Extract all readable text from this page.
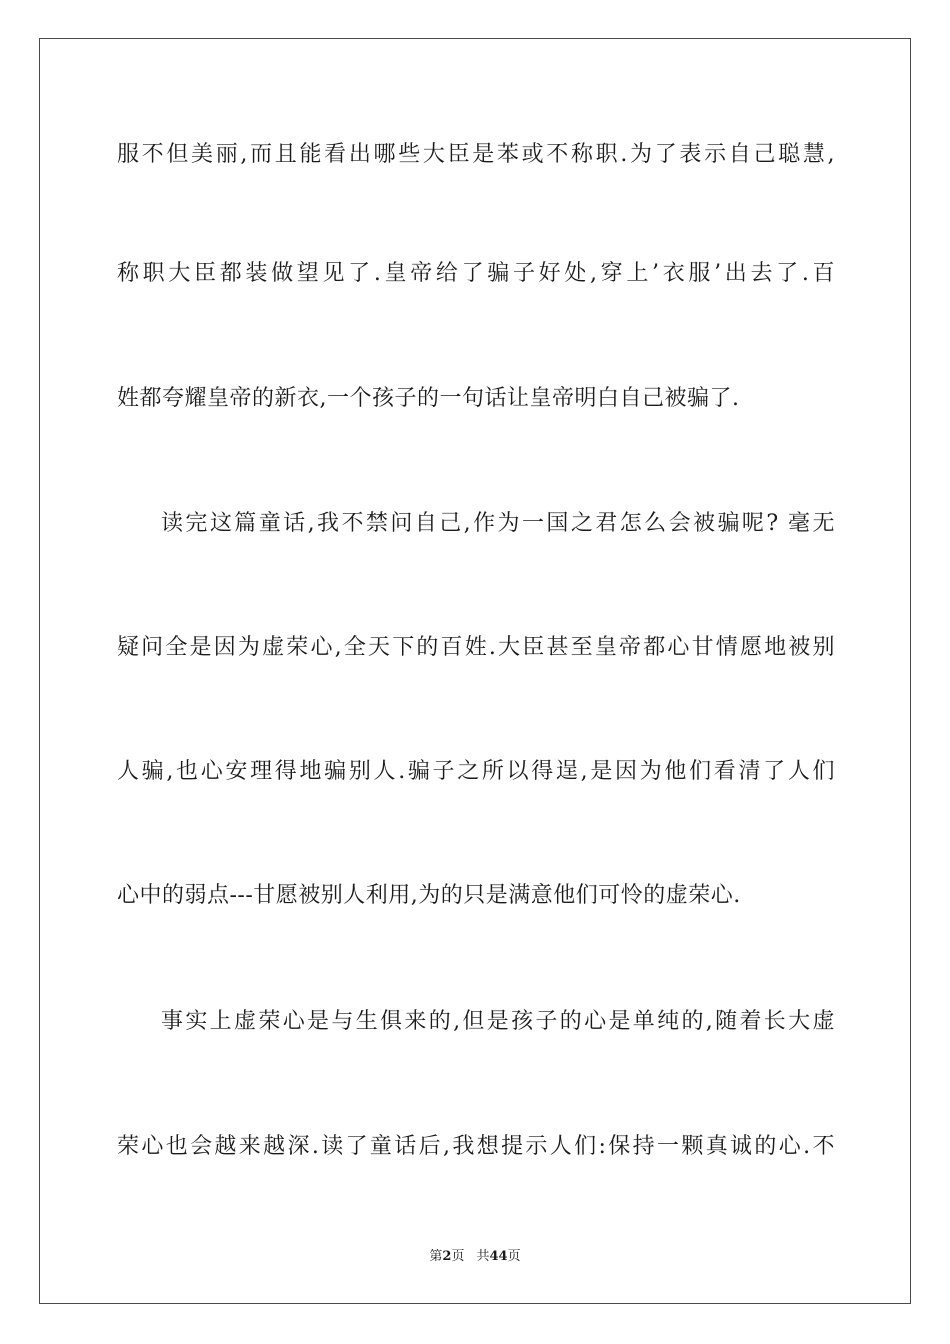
服不但美丽,而且能看出哪些大臣是苯或不称职.为了表示自己聪慧,
称职大臣都装做望见了.皇帝给了骗子好处,穿上’衣服’出去了.百
姓都夸耀皇帝的新衣,一个孩子的一句话让皇帝明白自己被骗了.
读完这篇童话,我不禁问自己,作为一国之君怎么会被骗呢? 毫无
疑问全是因为虚荣心,全天下的百姓.大臣甚至皇帝都心甘情愿地被别
人骗,也心安理得地骗别人.骗子之所以得逞,是因为他们看清了人们
心中的弱点---甘愿被别人利用,为的只是满意他们可怜的虚荣心.
事实上虚荣心是与生俱来的,但是孩子的心是单纯的,随着长大虚
荣心也会越来越深.读了童话后,我想提示人们:保持一颗真诚的心.不
第2页 共44页
